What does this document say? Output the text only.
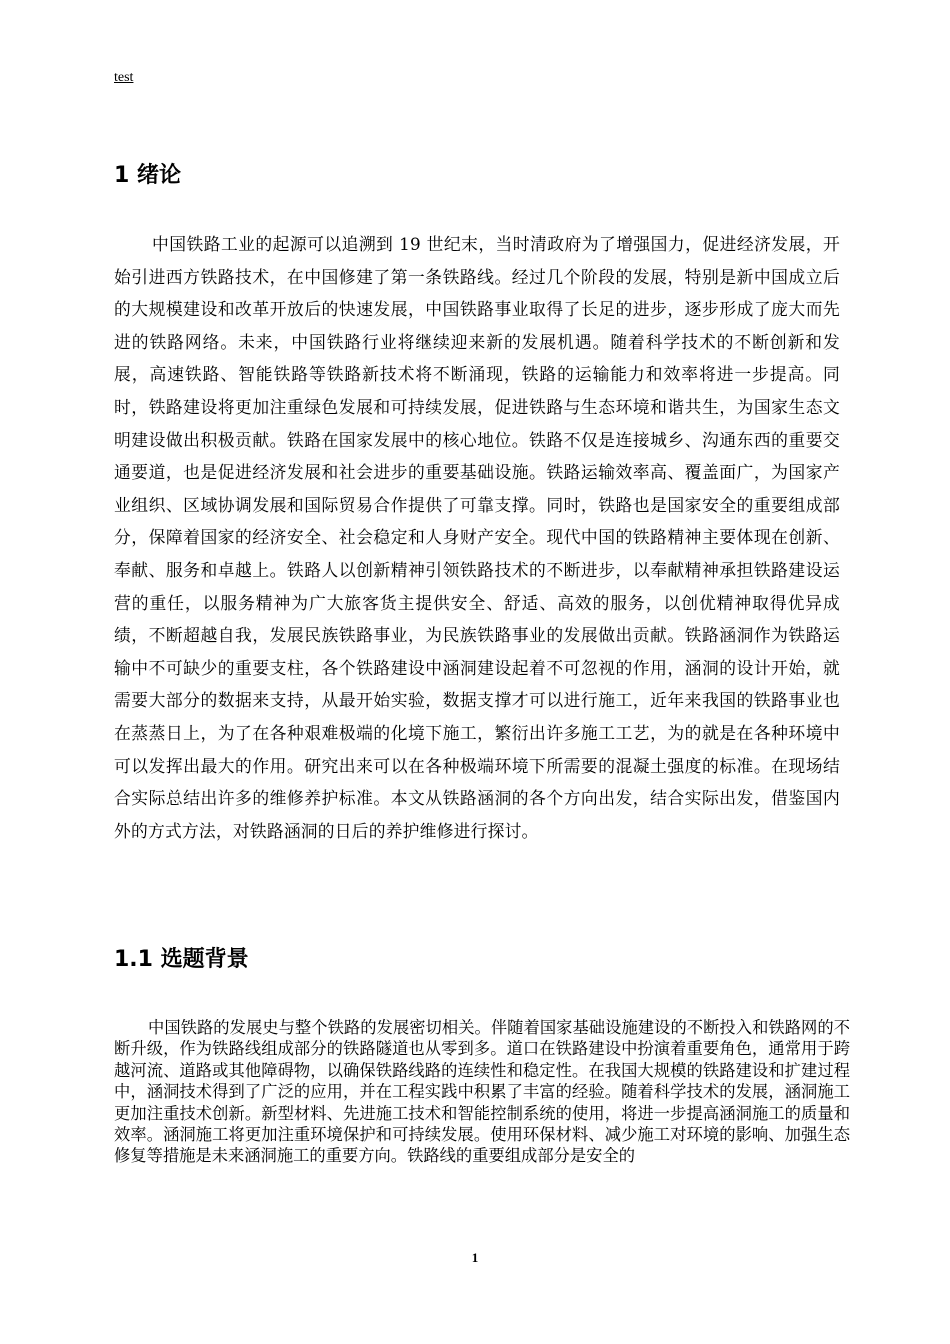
test
1 绪论

中国铁路工业的起源可以追溯到 19 世纪末，当时清政府为了增强国力，促进经济发展，开始引进西方铁路技术，在中国修建了第一条铁路线。经过几个阶段的发展，特别是新中国成立后的大规模建设和改革开放后的快速发展，中国铁路事业取得了长足的进步，逐步形成了庞大而先进的铁路网络。未来，中国铁路行业将继续迎来新的发展机遇。随着科学技术的不断创新和发展，高速铁路、智能铁路等铁路新技术将不断涌现，铁路的运输能力和效率将进一步提高。同时，铁路建设将更加注重绿色发展和可持续发展，促进铁路与生态环境和谐共生，为国家生态文明建设做出积极贡献。铁路在国家发展中的核心地位。铁路不仅是连接城乡、沟通东西的重要交通要道，也是促进经济发展和社会进步的重要基础设施。铁路运输效率高、覆盖面广，为国家产业组织、区域协调发展和国际贸易合作提供了可靠支撑。同时，铁路也是国家安全的重要组成部分，保障着国家的经济安全、社会稳定和人身财产安全。现代中国的铁路精神主要体现在创新、奉献、服务和卓越上。铁路人以创新精神引领铁路技术的不断进步，以奉献精神承担铁路建设运营的重任，以服务精神为广大旅客货主提供安全、舒适、高效的服务，以创优精神取得优异成绩，不断超越自我，发展民族铁路事业，为民族铁路事业的发展做出贡献。铁路涵洞作为铁路运输中不可缺少的重要支柱，各个铁路建设中涵洞建设起着不可忽视的作用，涵洞的设计开始，就需要大部分的数据来支持，从最开始实验，数据支撑才可以进行施工，近年来我国的铁路事业也在蒸蒸日上，为了在各种艰难极端的化境下施工，繁衍出许多施工工艺，为的就是在各种环境中可以发挥出最大的作用。研究出来可以在各种极端环境下所需要的混凝土强度的标准。在现场结合实际总结出许多的维修养护标准。本文从铁路涵洞的各个方向出发，结合实际出发，借鉴国内外的方式方法，对铁路涵洞的日后的养护维修进行探讨。

1.1 选题背景

中国铁路的发展史与整个铁路的发展密切相关。伴随着国家基础设施建设的不断投入和铁路网的不断升级，作为铁路线组成部分的铁路隧道也从零到多。道口在铁路建设中扮演着重要角色，通常用于跨越河流、道路或其他障碍物，以确保铁路线路的连续性和稳定性。在我国大规模的铁路建设和扩建过程中，涵洞技术得到了广泛的应用，并在工程实践中积累了丰富的经验。随着科学技术的发展，涵洞施工更加注重技术创新。新型材料、先进施工技术和智能控制系统的使用，将进一步提高涵洞施工的质量和效率。涵洞施工将更加注重环境保护和可持续发展。使用环保材料、减少施工对环境的影响、加强生态修复等措施是未来涵洞施工的重要方向。铁路线的重要组成部分是安全的

1
